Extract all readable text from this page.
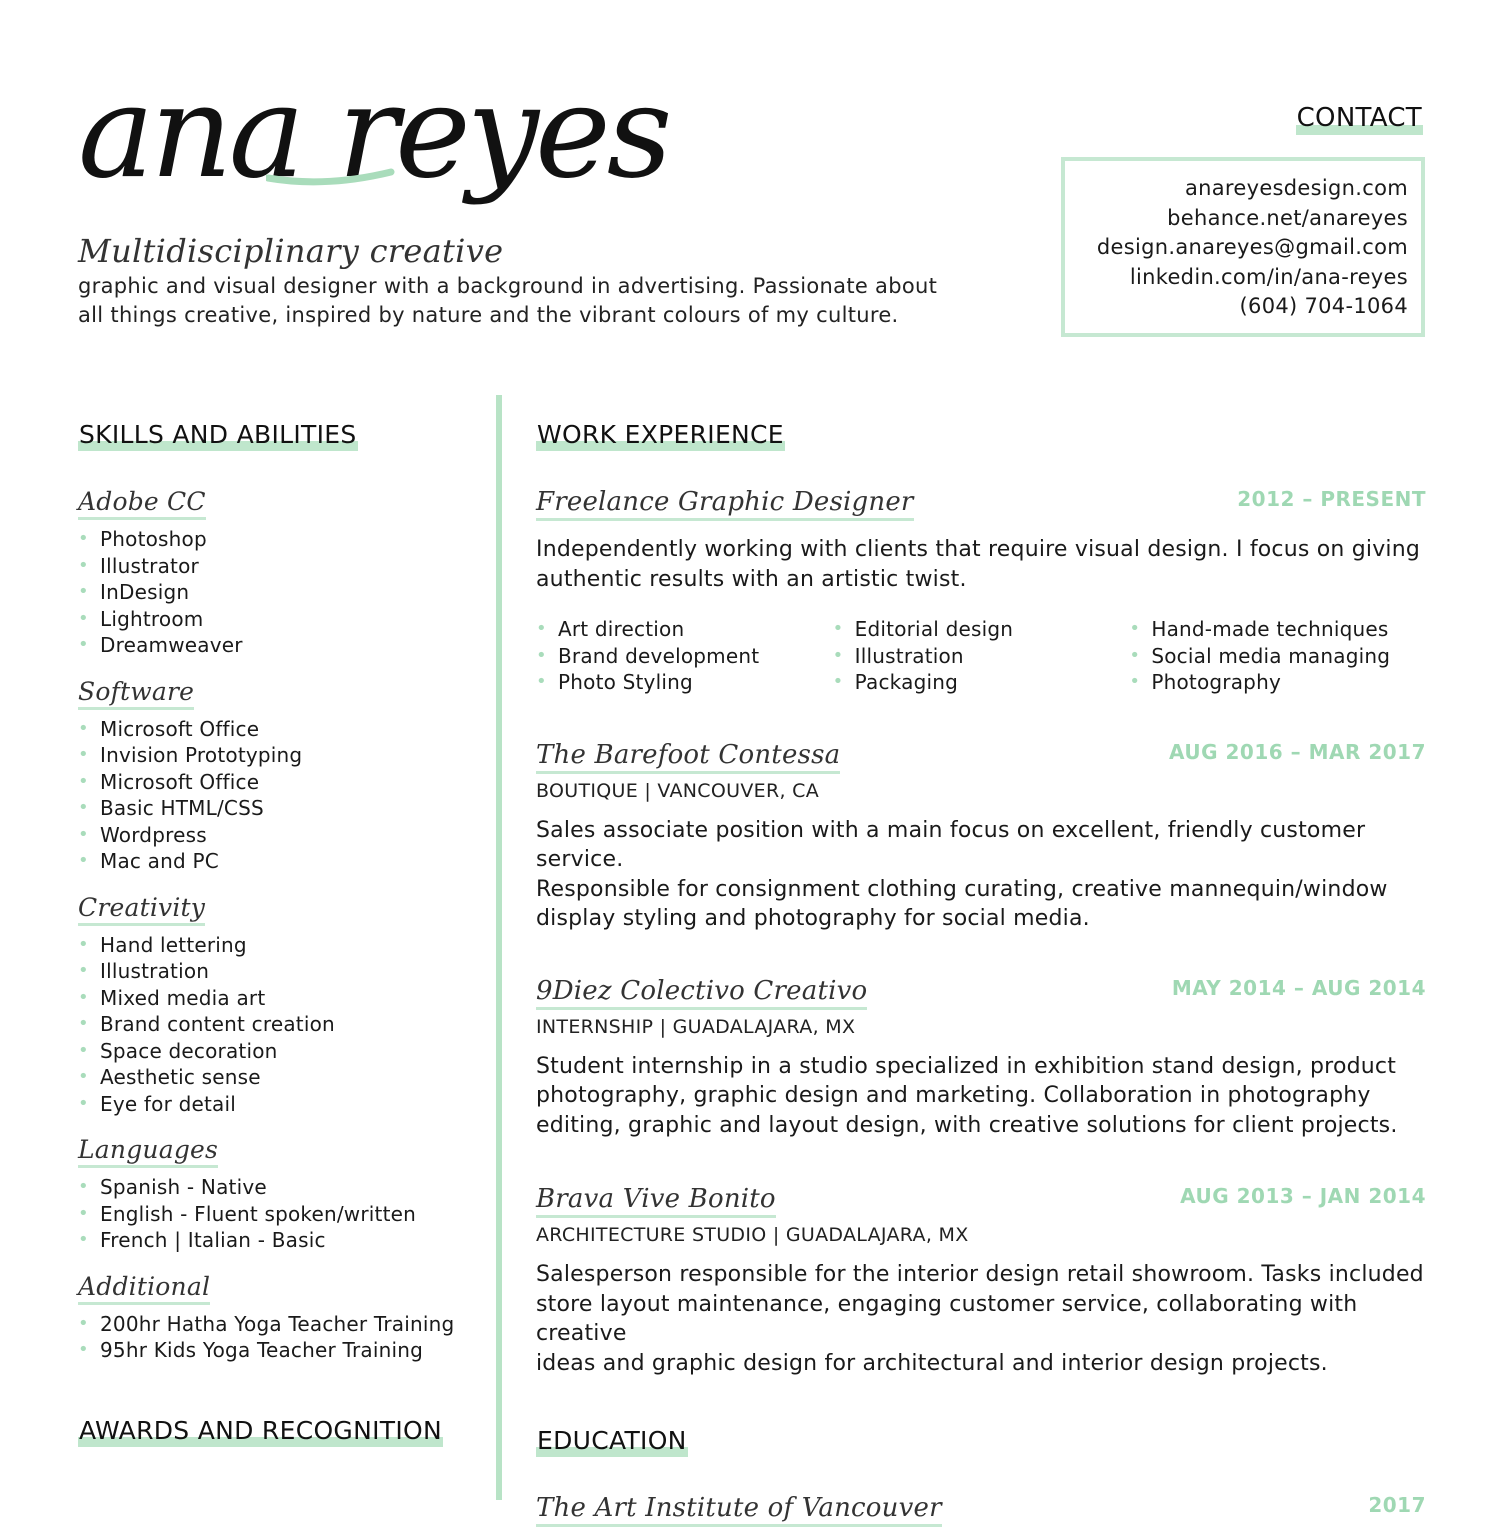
ana reyes
Multidisciplinary creative
graphic and visual designer with a background in advertising. Passionate about
all things creative, inspired by nature and the vibrant colours of my culture.
CONTACT
anareyesdesign.com
behance.net/anareyes
design.anareyes@gmail.com
linkedin.com/in/ana-reyes
(604) 704-1064
SKILLS AND ABILITIES
Adobe CC
• Photoshop
• Illustrator
• InDesign
• Lightroom
• Dreamweaver
Software
• Microsoft Office
• Invision Prototyping
• Microsoft Office
• Basic HTML/CSS
• Wordpress
• Mac and PC
Creativity
• Hand lettering
• Illustration
• Mixed media art
• Brand content creation
• Space decoration
• Aesthetic sense
• Eye for detail
Languages
• Spanish - Native
• English - Fluent spoken/written
• French | Italian - Basic
Additional
• 200hr Hatha Yoga Teacher Training
• 95hr Kids Yoga Teacher Training
AWARDS AND RECOGNITION
WORK EXPERIENCE
Freelance Graphic Designer	2012 – PRESENT
Independently working with clients that require visual design. I focus on giving
authentic results with an artistic twist.
• Art direction
• Brand development
• Photo Styling
• Editorial design
• Illustration
• Packaging
• Hand-made techniques
• Social media managing
• Photography
The Barefoot Contessa	AUG 2016 – MAR 2017
BOUTIQUE | VANCOUVER, CA
Sales associate position with a main focus on excellent, friendly customer service.
Responsible for consignment clothing curating, creative mannequin/window
display styling and photography for social media.
9Diez Colectivo Creativo	MAY 2014 – AUG 2014
INTERNSHIP | GUADALAJARA, MX
Student internship in a studio specialized in exhibition stand design, product
photography, graphic design and marketing. Collaboration in photography
editing, graphic and layout design, with creative solutions for client projects.
Brava Vive Bonito	AUG 2013 – JAN 2014
ARCHITECTURE STUDIO | GUADALAJARA, MX
Salesperson responsible for the interior design retail showroom. Tasks included
store layout maintenance, engaging customer service, collaborating with creative
ideas and graphic design for architectural and interior design projects.
EDUCATION
The Art Institute of Vancouver	2017
